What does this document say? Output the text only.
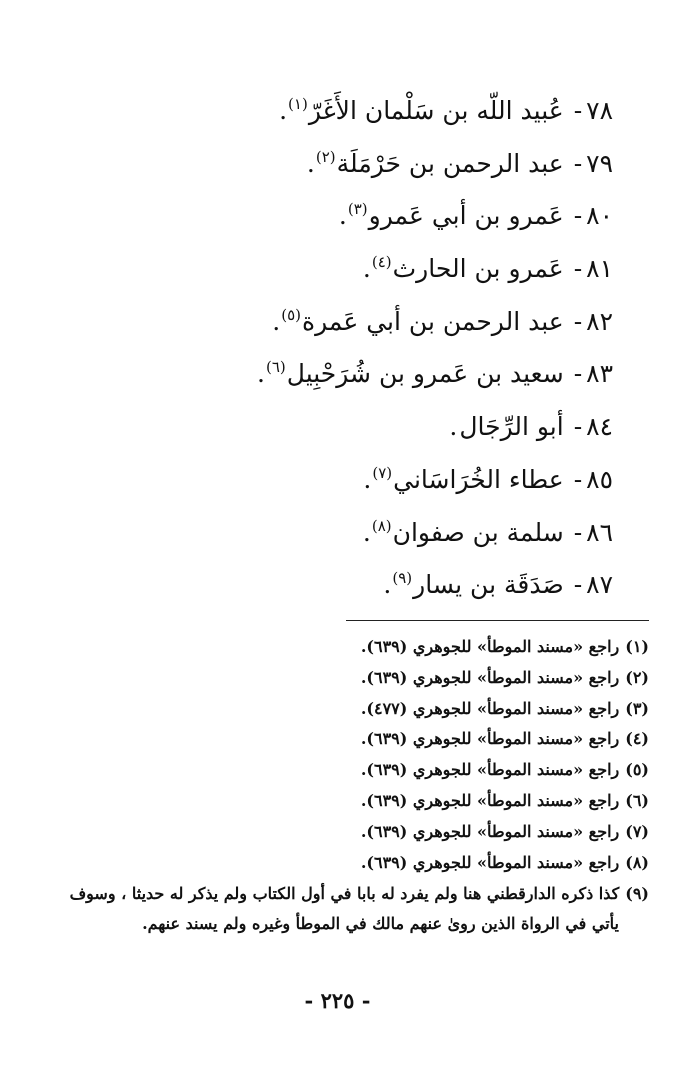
٧٨-عُبيد اللّه بن سَلْمان الأَغَرّ$^{(١)}$.
٧٩-عبد الرحمن بن حَرْمَلَة$^{(٢)}$.
٨٠-عَمرو بن أبي عَمرو$^{(٣)}$.
٨١-عَمرو بن الحارث$^{(٤)}$.
٨٢-عبد الرحمن بن أبي عَمرة$^{(٥)}$.
٨٣-سعيد بن عَمرو بن شُرَحْبِيل$^{(٦)}$.
٨٤-أبو الرِّجَال.
٨٥-عطاء الخُرَاسَاني$^{(٧)}$.
٨٦-سلمة بن صفوان$^{(٨)}$.
٨٧-صَدَقَة بن يسار$^{(٩)}$.
(١)راجع «مسند الموطأ» للجوهري (٦٣٩).
(٢)راجع «مسند الموطأ» للجوهري (٦٣٩).
(٣)راجع «مسند الموطأ» للجوهري (٤٧٧).
(٤)راجع «مسند الموطأ» للجوهري (٦٣٩).
(٥)راجع «مسند الموطأ» للجوهري (٦٣٩).
(٦)راجع «مسند الموطأ» للجوهري (٦٣٩).
(٧)راجع «مسند الموطأ» للجوهري (٦٣٩).
(٨)راجع «مسند الموطأ» للجوهري (٦٣٩).
(٩)كذا ذكره الدارقطني هنا ولم يفرد له بابا في أول الكتاب ولم يذكر له حديثا ، وسوف
يأتي في الرواة الذين روىٰ عنهم مالك في الموطأ وغيره ولم يسند عنهم.
- ٢٢٥ -
